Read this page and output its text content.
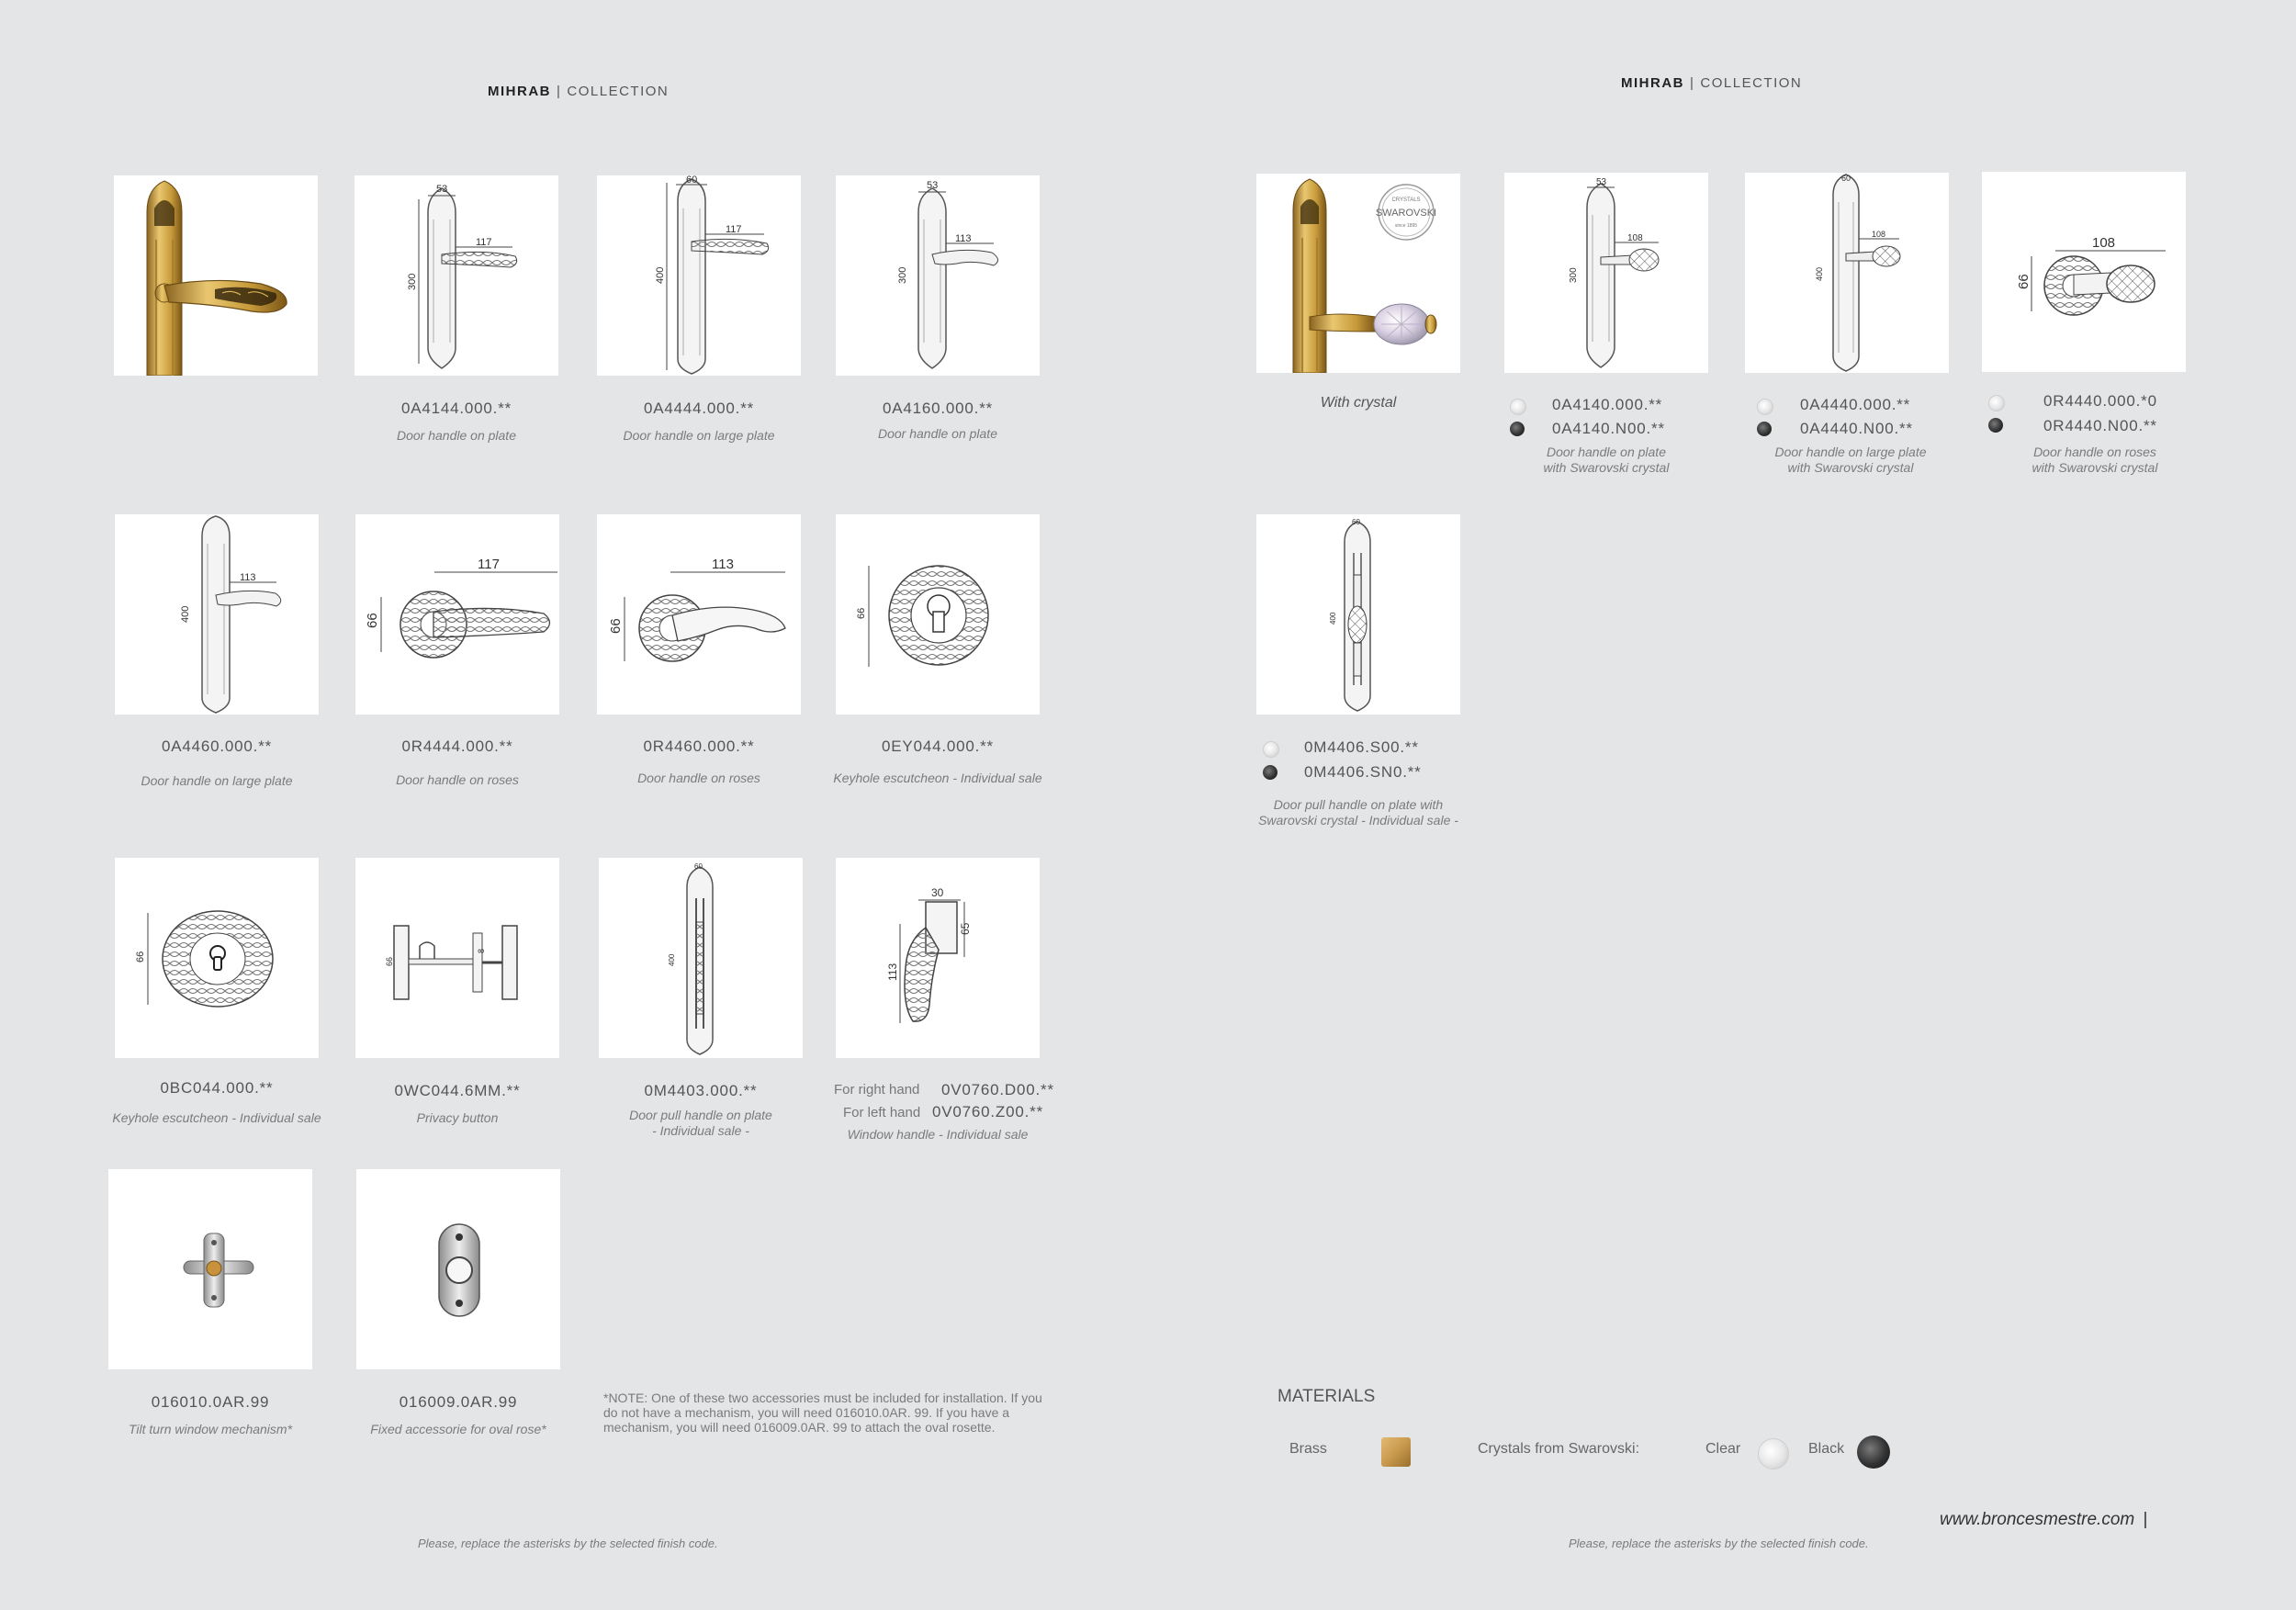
MIHRAB | COLLECTION
MIHRAB | COLLECTION
53
117
300
60
117
400
53
113
300
0A4144.000.**
Door handle on plate
0A4444.000.**
Door handle on large plate
0A4160.000.**
Door handle on plate
113
400
117
66
113
66
66
0A4460.000.**
Door handle on large plate
0R4444.000.**
Door handle on roses
0R4460.000.**
Door handle on roses
0EY044.000.**
Keyhole escutcheon - Individual sale
66	66
8
60
400
30
65
113
0BC044.000.**
Keyhole escutcheon - Individual sale
0WC044.6MM.**
Privacy button
0M4403.000.**
Door pull handle on plate
- Individual sale -
For right hand 0V0760.D00.**
For left hand 0V0760.Z00.**
Window handle - Individual sale
016010.0AR.99
Tilt turn window mechanism*
016009.0AR.99
Fixed accessorie for oval rose*
*NOTE: One of these two accessories must be included for installation. If you do not have a mechanism, you will need 016010.0AR. 99. If you have a mechanism, you will need 016009.0AR. 99 to attach the oval rosette.
Please, replace the asterisks by the selected finish code.
CRYSTALS
SWAROVSKI
since 1895
With crystal
53
108
300
60
108
400
108
66
0A4140.000.**
0A4140.N00.**
Door handle on plate
with Swarovski crystal
0A4440.000.**
0A4440.N00.**
Door handle on large plate
with Swarovski crystal
0R4440.000.*0
0R4440.N00.**
Door handle on roses
with Swarovski crystal
60
400
0M4406.S00.**
0M4406.SN0.**
Door pull handle on plate with
Swarovski crystal - Individual sale -
MATERIALS
Brass	Crystals from Swarovski:	Clear	Black
www.broncesmestre.com |
Please, replace the asterisks by the selected finish code.
